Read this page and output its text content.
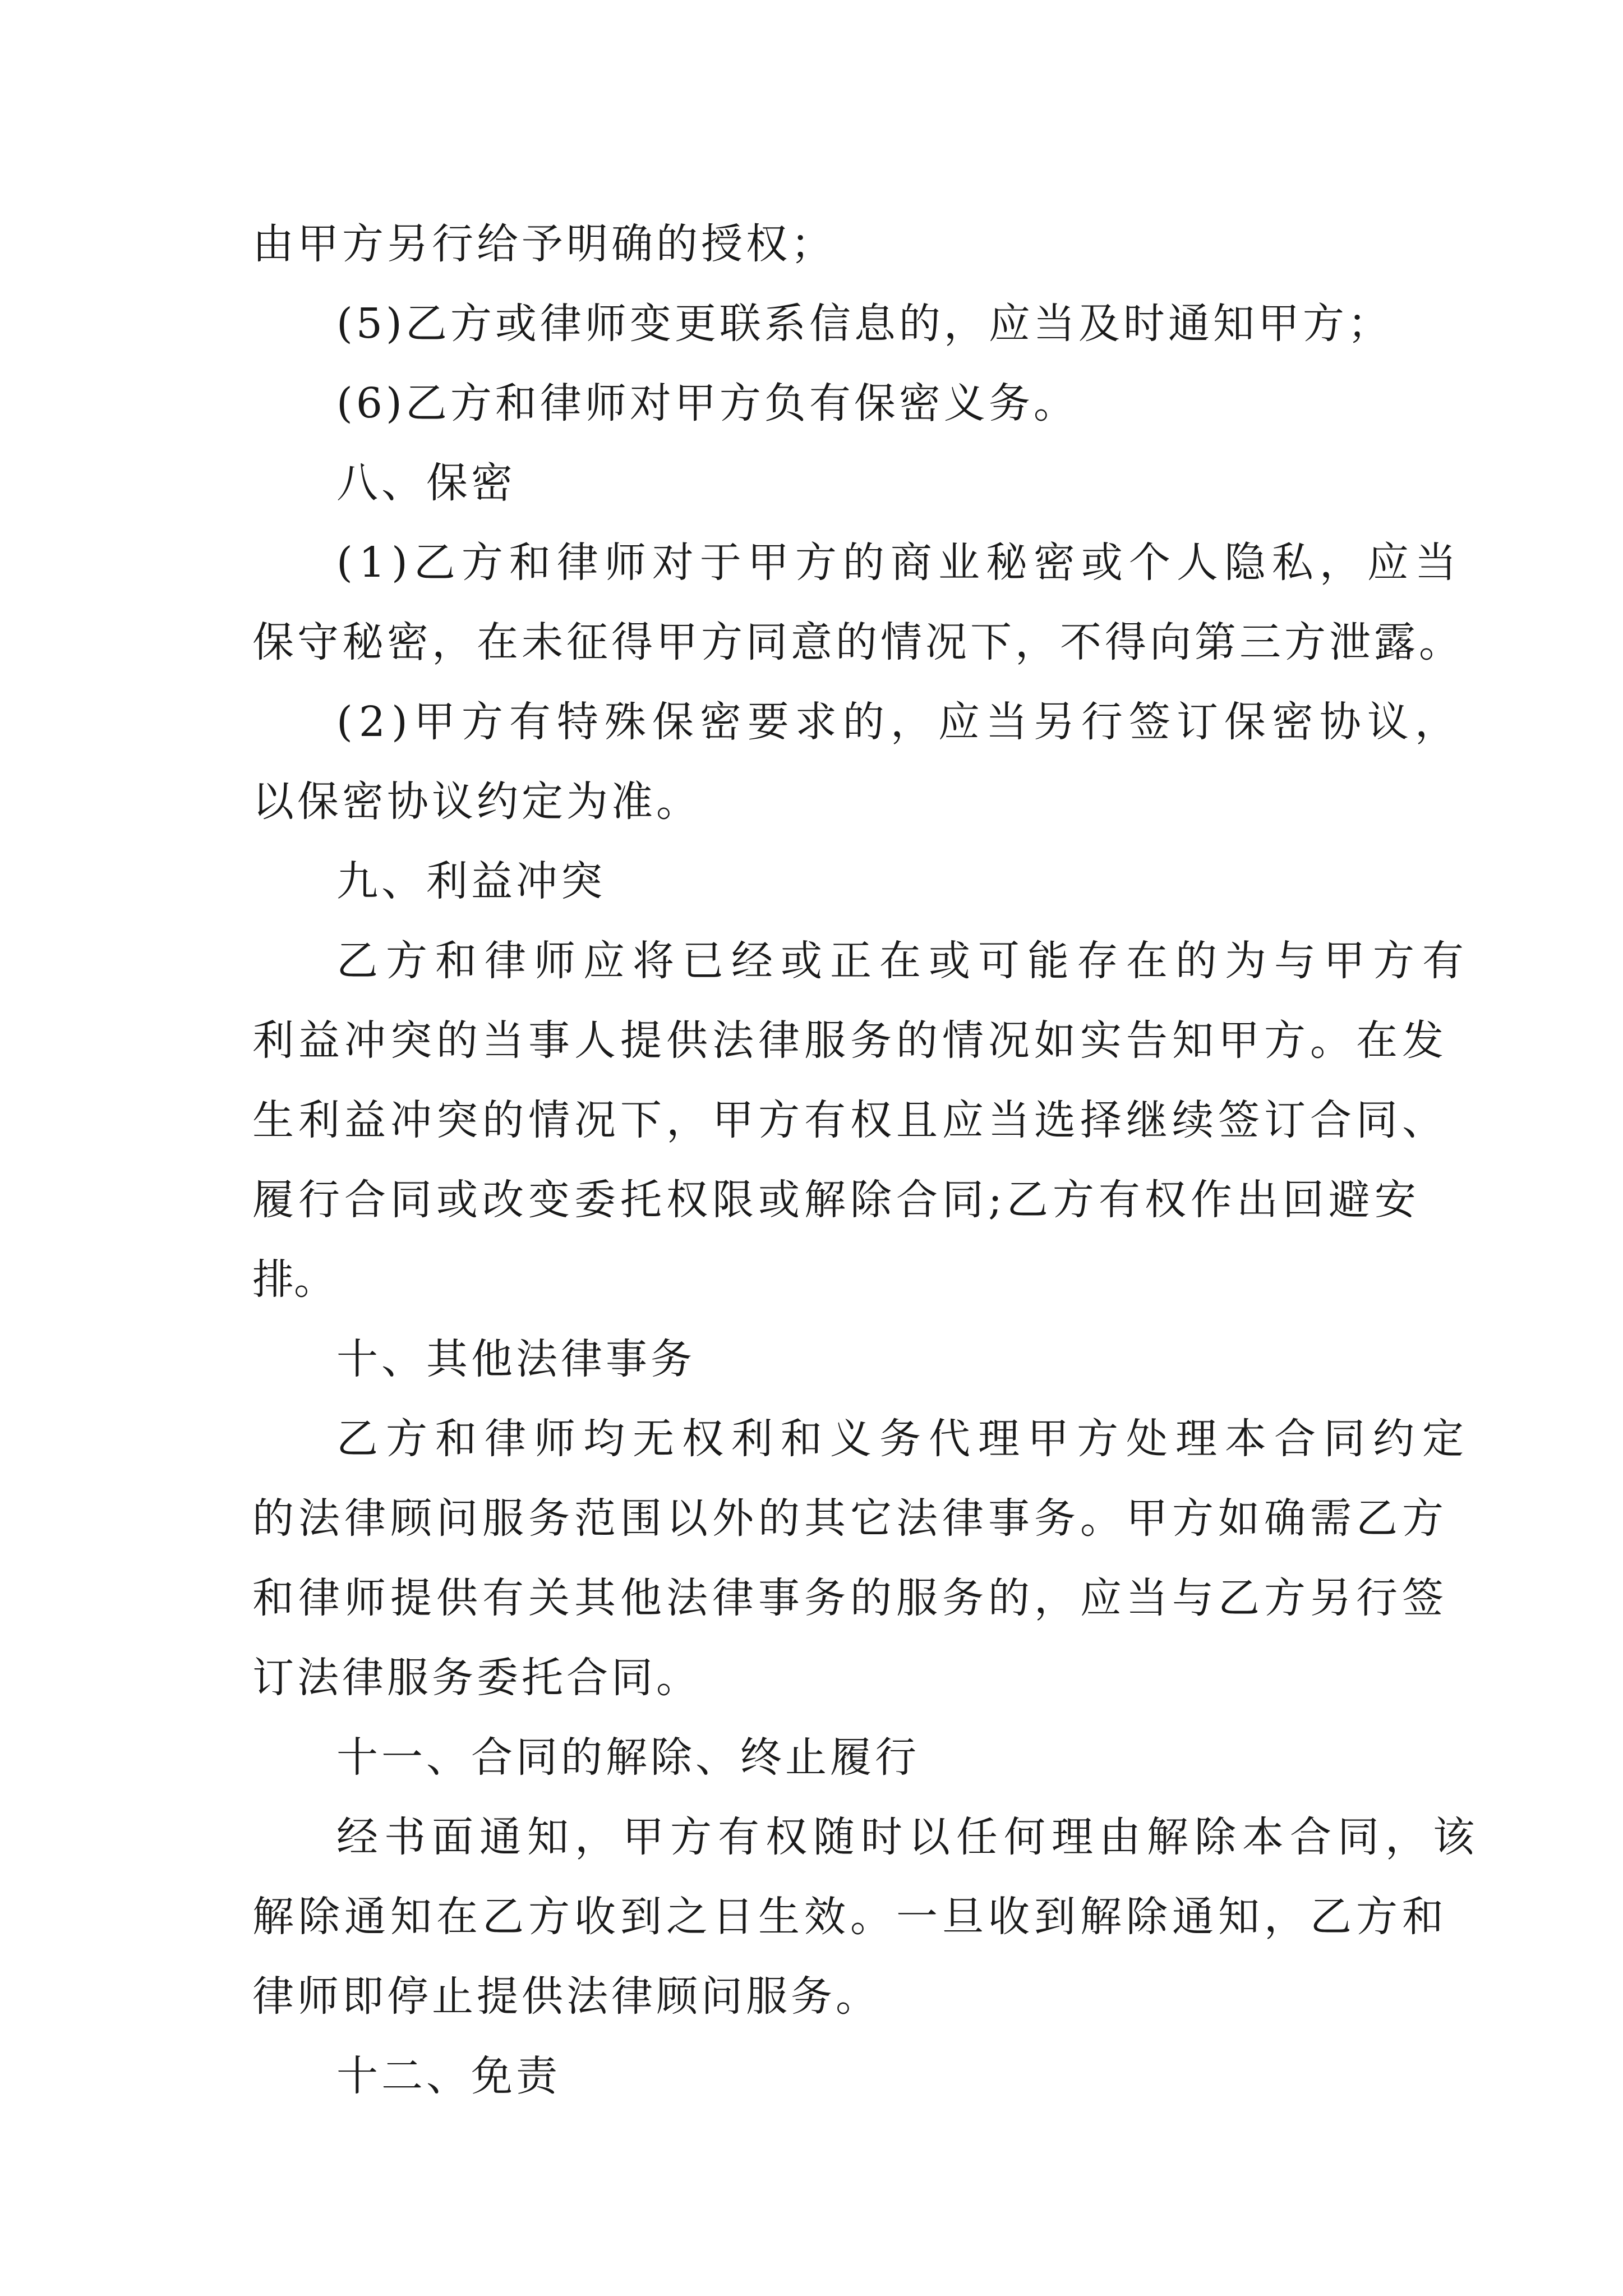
由甲方另行给予明确的授权；

(5)乙方或律师变更联系信息的，应当及时通知甲方；

(6)乙方和律师对甲方负有保密义务。

八、保密

(1)乙方和律师对于甲方的商业秘密或个人隐私，应当

保守秘密，在未征得甲方同意的情况下，不得向第三方泄露。

(2)甲方有特殊保密要求的，应当另行签订保密协议，

以保密协议约定为准。

九、利益冲突

乙方和律师应将已经或正在或可能存在的为与甲方有

利益冲突的当事人提供法律服务的情况如实告知甲方。在发

生利益冲突的情况下，甲方有权且应当选择继续签订合同、

履行合同或改变委托权限或解除合同;乙方有权作出回避安

排。

十、其他法律事务

乙方和律师均无权利和义务代理甲方处理本合同约定

的法律顾问服务范围以外的其它法律事务。甲方如确需乙方

和律师提供有关其他法律事务的服务的，应当与乙方另行签

订法律服务委托合同。

十一、合同的解除、终止履行

经书面通知，甲方有权随时以任何理由解除本合同，该

解除通知在乙方收到之日生效。一旦收到解除通知，乙方和

律师即停止提供法律顾问服务。

十二、免责
